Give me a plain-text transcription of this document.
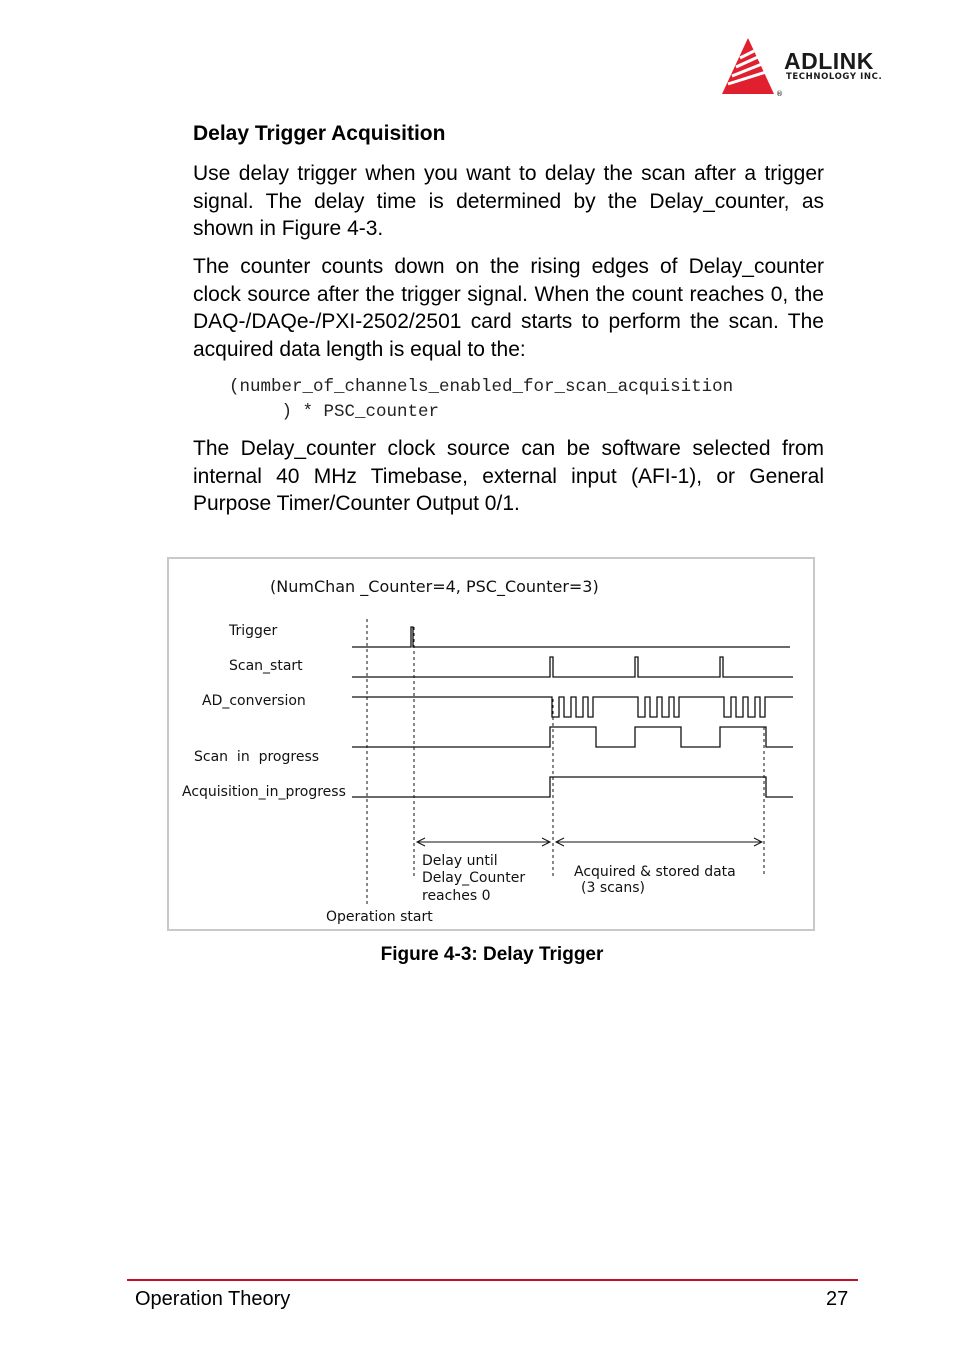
ADLINK
TECHNOLOGY INC.
®
Delay Trigger Acquisition

Use delay trigger when you want to delay the scan after a trigger signal. The delay time is determined by the Delay_counter, as shown in Figure 4-3.

The counter counts down on the rising edges of Delay_counter clock source after the trigger signal. When the count reaches 0, the DAQ-/DAQe-/PXI-2502/2501 card starts to perform the scan. The acquired data length is equal to the:

(number_of_channels_enabled_for_scan_acquisition
) * PSC_counter

The Delay_counter clock source can be software selected from internal 40 MHz Timebase, external input (AFI-1), or General Purpose Timer/Counter Output 0/1.

(NumChan _Counter=4, PSC_Counter=3)
Trigger
Scan_start
AD_conversion
Scan  in  progress
Acquisition_in_progress
Delay until
Delay_Counter
reaches 0
Acquired & stored data
(3 scans)
Operation start
Figure 4-3: Delay Trigger
Operation Theory	27
